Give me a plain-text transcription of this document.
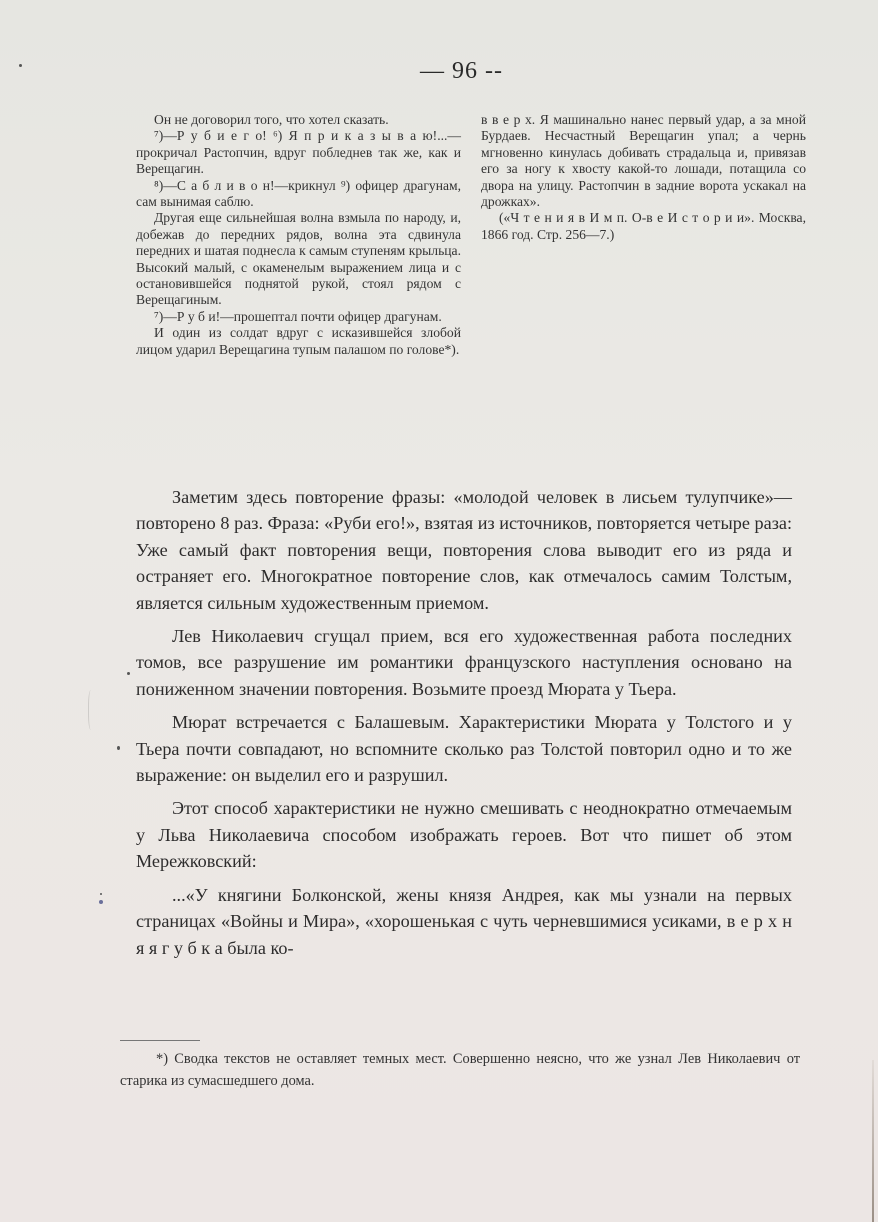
— 96 --

Он не договорил того, что хотел сказать.

⁷)—Р у б и е г о! ⁶) Я п р и к а з ы в а ю!...—прокричал Растопчин, вдруг побледнев так же, как и Верещагин.

⁸)—С а б л и в о н!—крикнул ⁹) офицер драгунам, сам вынимая саблю.

Другая еще сильнейшая волна взмыла по народу, и, добежав до передних рядов, волна эта сдвинула передних и шатая поднесла к самым ступеням крыльца. Высокий малый, с окаменелым выражением лица и с остановившейся поднятой рукой, стоял рядом с Верещагиным.

⁷)—Р у б и!—прошептал почти офицер драгунам.

И один из солдат вдруг с исказившейся злобой лицом ударил Верещагина тупым палашом по голове*).

в в е р х. Я машинально нанес первый удар, а за мной Бурдаев. Несчастный Верещагин упал; а чернь мгновенно кинулась добивать страдальца и, привязав его за ногу к хвосту какой-то лошади, потащила со двора на улицу. Растопчин в задние ворота ускакал на дрожках».

(«Ч т е н и я в И м п. О-в е И с т о р и и». Москва, 1866 год. Стр. 256—7.)

Заметим здесь повторение фразы: «молодой человек в лисьем тулупчике»—повторено 8 раз. Фраза: «Руби его!», взятая из источников, повторяется четыре раза: Уже самый факт повторения вещи, повторения слова выводит его из ряда и остраняет его. Многократное повторение слов, как отмечалось самим Толстым, является сильным художественным приемом.

Лев Николаевич сгущал прием, вся его художественная работа последних томов, все разрушение им романтики французского наступления основано на пониженном значении повторения. Возьмите проезд Мюрата у Тьера.

Мюрат встречается с Балашевым. Характеристики Мюрата у Толстого и у Тьера почти совпадают, но вспомните сколько раз Толстой повторил одно и то же выражение: он выделил его и разрушил.

Этот способ характеристики не нужно смешивать с неоднократно отмечаемым у Льва Николаевича способом изображать героев. Вот что пишет об этом Мережковский:

...«У княгини Болконской, жены князя Андрея, как мы узнали на первых страницах «Войны и Мира», «хорошенькая с чуть черневшимися усиками, в е р х н я я г у б к а была ко-

*) Сводка текстов не оставляет темных мест. Совершенно неясно, что же узнал Лев Николаевич от старика из сумасшедшего дома.
